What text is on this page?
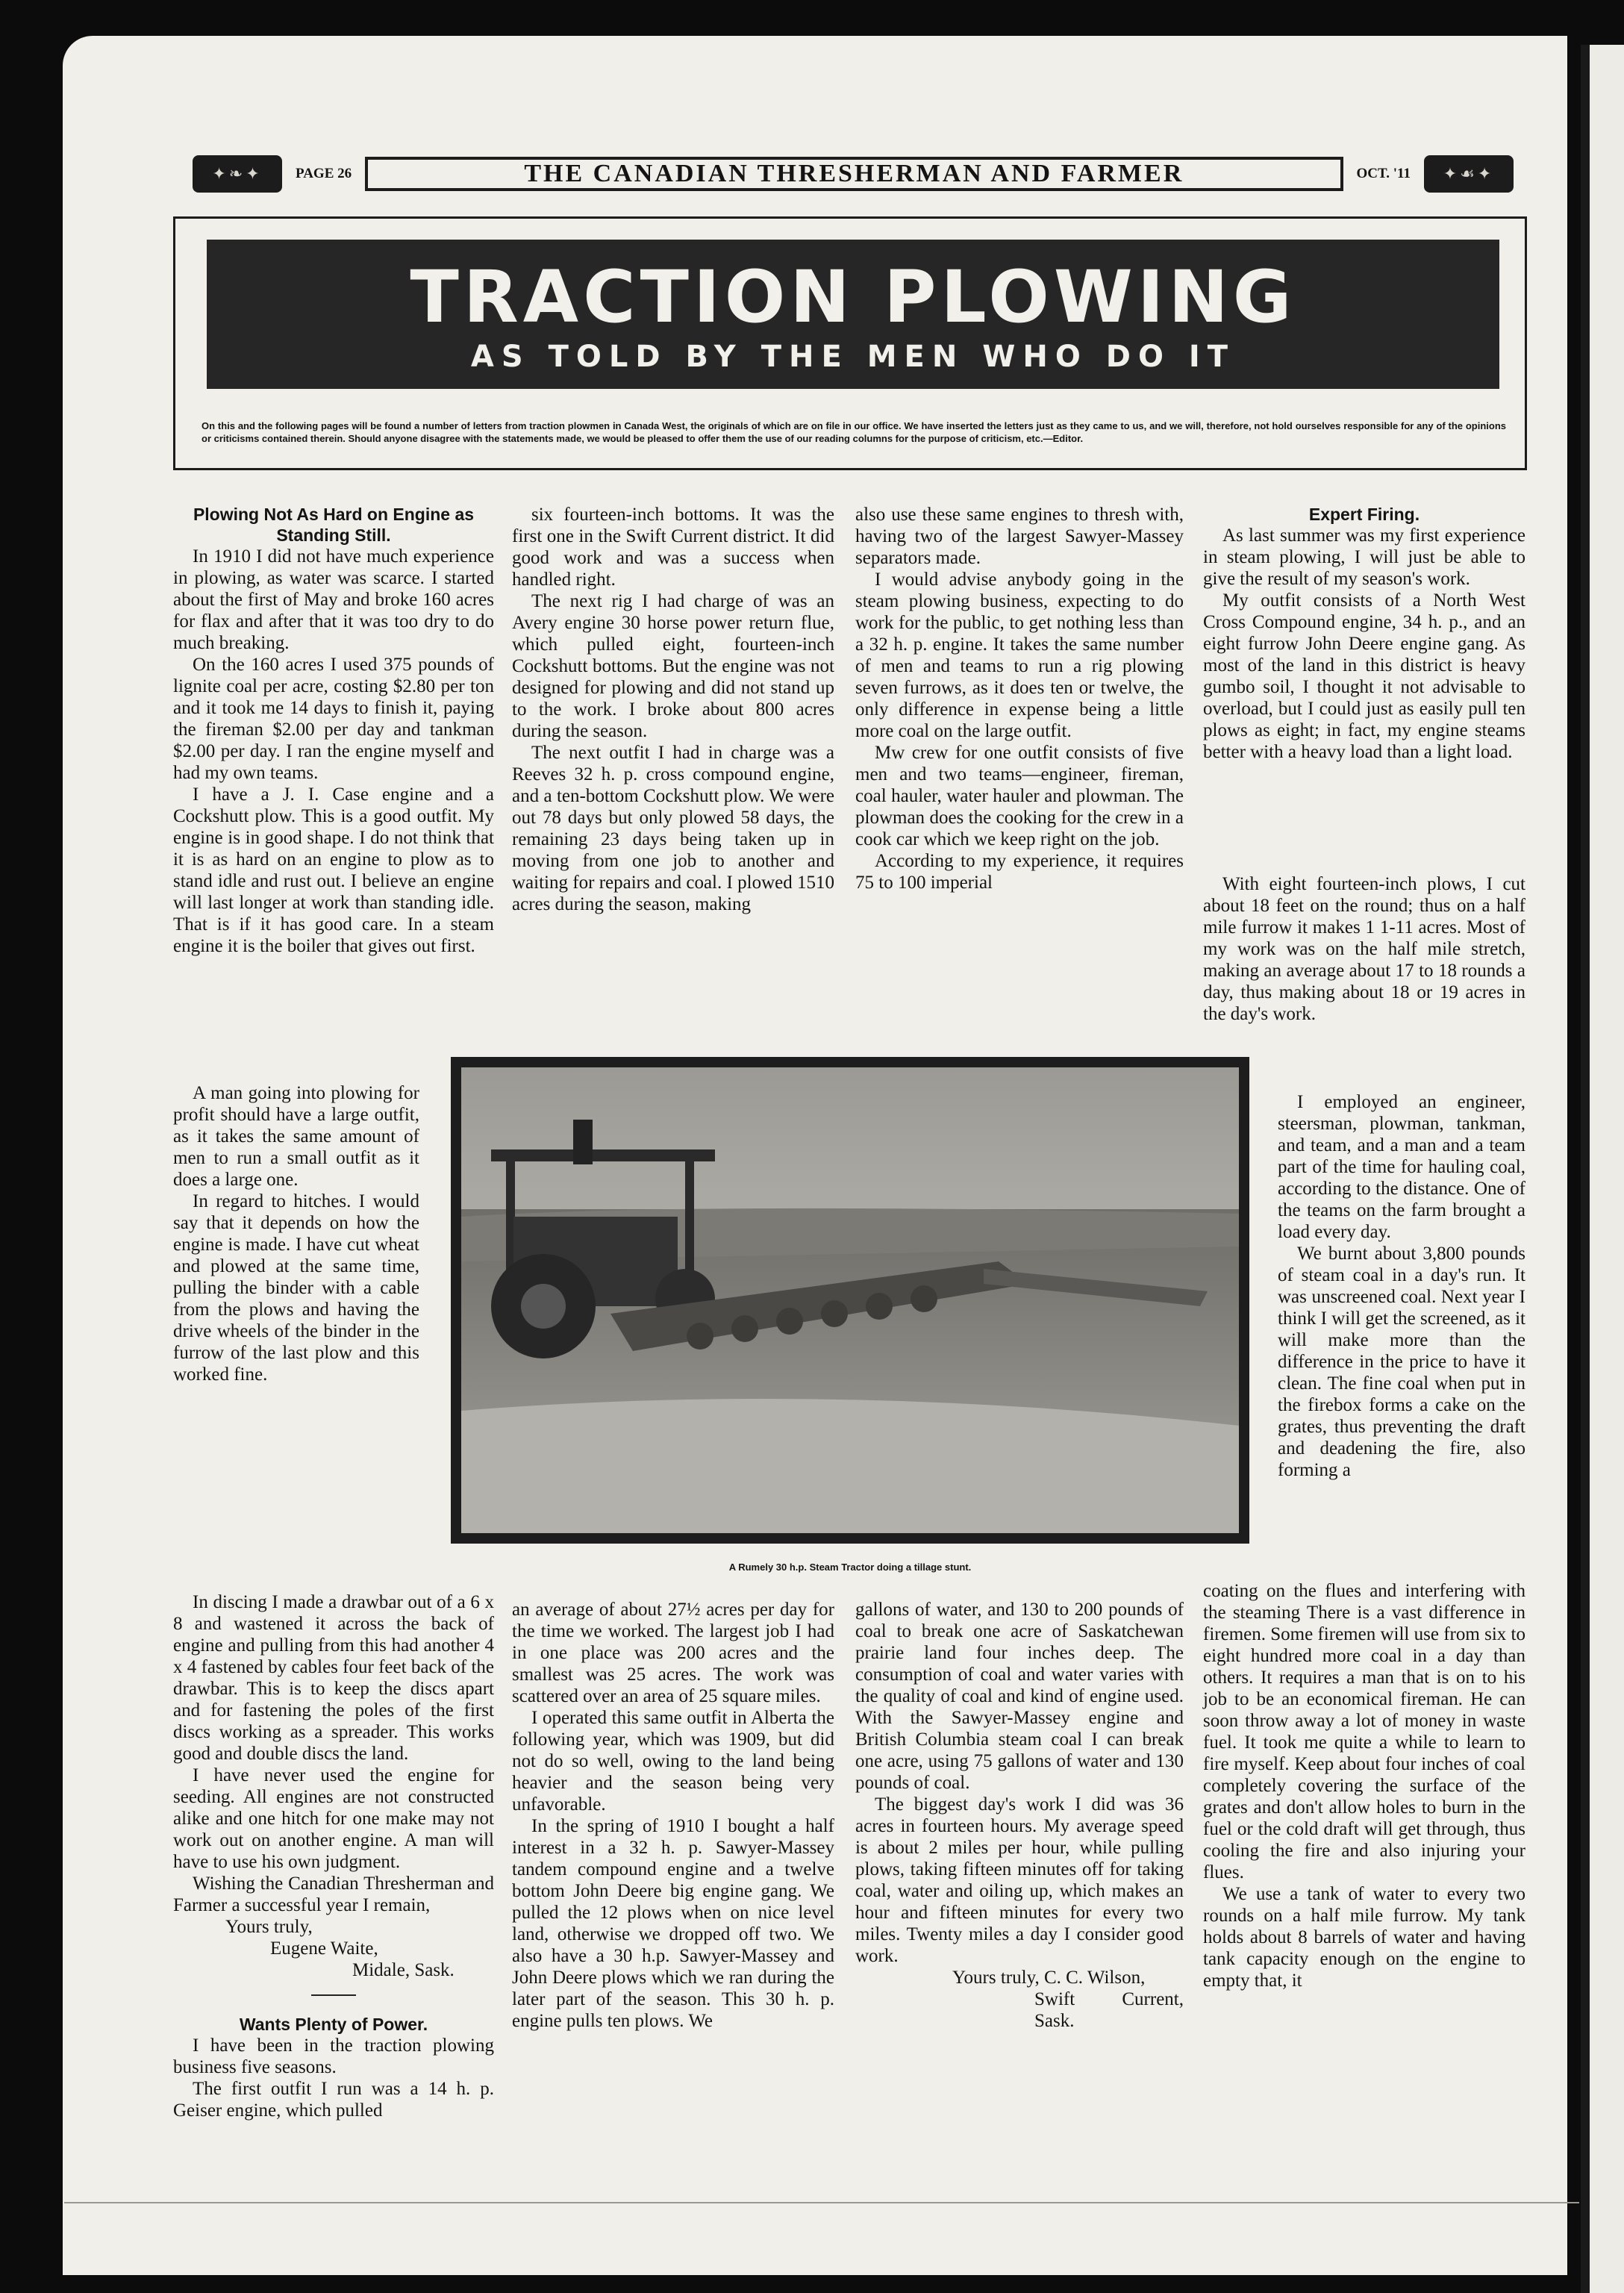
✦❧✦	PAGE 26	THE CANADIAN THRESHERMAN AND FARMER	OCT. '11	✦☙✦
TRACTION PLOWING
AS TOLD BY THE MEN WHO DO IT
On this and the following pages will be found a number of letters from traction plowmen in Canada West, the originals of which are on file in our office. We have inserted the letters just as they came to us, and we will, therefore, not hold ourselves responsible for any of the opinions or criticisms contained therein. Should anyone disagree with the statements made, we would be pleased to offer them the use of our reading columns for the purpose of criticism, etc.—Editor.
Plowing Not As Hard on Engine as Standing Still.

In 1910 I did not have much experience in plowing, as water was scarce. I started about the first of May and broke 160 acres for flax and after that it was too dry to do much breaking.

On the 160 acres I used 375 pounds of lignite coal per acre, costing $2.80 per ton and it took me 14 days to finish it, paying the fireman $2.00 per day and tankman $2.00 per day. I ran the engine myself and had my own teams.

I have a J. I. Case engine and a Cockshutt plow. This is a good outfit. My engine is in good shape. I do not think that it is as hard on an engine to plow as to stand idle and rust out. I believe an engine will last longer at work than standing idle. That is if it has good care. In a steam engine it is the boiler that gives out first.

A man going into plowing for profit should have a large outfit, as it takes the same amount of men to run a small outfit as it does a large one.

In regard to hitches. I would say that it depends on how the engine is made. I have cut wheat and plowed at the same time, pulling the binder with a cable from the plows and having the drive wheels of the binder in the furrow of the last plow and this worked fine.

In discing I made a drawbar out of a 6 x 8 and wastened it across the back of engine and pulling from this had another 4 x 4 fastened by cables four feet back of the drawbar. This is to keep the discs apart and for fastening the poles of the first discs working as a spreader. This works good and double discs the land.

I have never used the engine for seeding. All engines are not constructed alike and one hitch for one make may not work out on another engine. A man will have to use his own judgment.

Wishing the Canadian Thresherman and Farmer a successful year I remain,

Yours truly,

Eugene Waite,

Midale, Sask.

Wants Plenty of Power.

I have been in the traction plowing business five seasons.

The first outfit I run was a 14 h. p. Geiser engine, which pulled

six fourteen-inch bottoms. It was the first one in the Swift Current district. It did good work and was a success when handled right.

The next rig I had charge of was an Avery engine 30 horse power return flue, which pulled eight, fourteen-inch Cockshutt bottoms. But the engine was not designed for plowing and did not stand up to the work. I broke about 800 acres during the season.

The next outfit I had in charge was a Reeves 32 h. p. cross compound engine, and a ten-bottom Cockshutt plow. We were out 78 days but only plowed 58 days, the remaining 23 days being taken up in moving from one job to another and waiting for repairs and coal. I plowed 1510 acres during the season, making

an average of about 27½ acres per day for the time we worked. The largest job I had in one place was 200 acres and the smallest was 25 acres. The work was scattered over an area of 25 square miles.

I operated this same outfit in Alberta the following year, which was 1909, but did not do so well, owing to the land being heavier and the season being very unfavorable.

In the spring of 1910 I bought a half interest in a 32 h. p. Sawyer-Massey tandem compound engine and a twelve bottom John Deere big engine gang. We pulled the 12 plows when on nice level land, otherwise we dropped off two. We also have a 30 h.p. Sawyer-Massey and John Deere plows which we ran during the later part of the season. This 30 h. p. engine pulls ten plows. We

also use these same engines to thresh with, having two of the largest Sawyer-Massey separators made.

I would advise anybody going in the steam plowing business, expecting to do work for the public, to get nothing less than a 32 h. p. engine. It takes the same number of men and teams to run a rig plowing seven furrows, as it does ten or twelve, the only difference in expense being a little more coal on the large outfit.

Mw crew for one outfit consists of five men and two teams—engineer, fireman, coal hauler, water hauler and plowman. The plowman does the cooking for the crew in a cook car which we keep right on the job.

According to my experience, it requires 75 to 100 imperial

gallons of water, and 130 to 200 pounds of coal to break one acre of Saskatchewan prairie land four inches deep. The consumption of coal and water varies with the quality of coal and kind of engine used. With the Sawyer-Massey engine and British Columbia steam coal I can break one acre, using 75 gallons of water and 130 pounds of coal.

The biggest day's work I did was 36 acres in fourteen hours. My average speed is about 2 miles per hour, while pulling plows, taking fifteen minutes off for taking coal, water and oiling up, which makes an hour and fifteen minutes for every two miles. Twenty miles a day I consider good work.

Yours truly, C. C. Wilson,

Swift Current, Sask.

Expert Firing.

As last summer was my first experience in steam plowing, I will just be able to give the result of my season's work.

My outfit consists of a North West Cross Compound engine, 34 h. p., and an eight furrow John Deere engine gang. As most of the land in this district is heavy gumbo soil, I thought it not advisable to overload, but I could just as easily pull ten plows as eight; in fact, my engine steams better with a heavy load than a light load.

With eight fourteen-inch plows, I cut about 18 feet on the round; thus on a half mile furrow it makes 1 1-11 acres. Most of my work was on the half mile stretch, making an average about 17 to 18 rounds a day, thus making about 18 or 19 acres in the day's work.

I employed an engineer, steersman, plowman, tankman, and team, and a man and a team part of the time for hauling coal, according to the distance. One of the teams on the farm brought a load every day.

We burnt about 3,800 pounds of steam coal in a day's run. It was unscreened coal. Next year I think I will get the screened, as it will make more than the difference in the price to have it clean. The fine coal when put in the firebox forms a cake on the grates, thus preventing the draft and deadening the fire, also forming a

coating on the flues and interfering with the steaming There is a vast difference in firemen. Some firemen will use from six to eight hundred more coal in a day than others. It requires a man that is on to his job to be an economical fireman. He can soon throw away a lot of money in waste fuel. It took me quite a while to learn to fire myself. Keep about four inches of coal completely covering the surface of the grates and don't allow holes to burn in the fuel or the cold draft will get through, thus cooling the fire and also injuring your flues.

We use a tank of water to every two rounds on a half mile furrow. My tank holds about 8 barrels of water and having tank capacity enough on the engine to empty that, it

A Rumely 30 h.p. Steam Tractor doing a tillage stunt.
